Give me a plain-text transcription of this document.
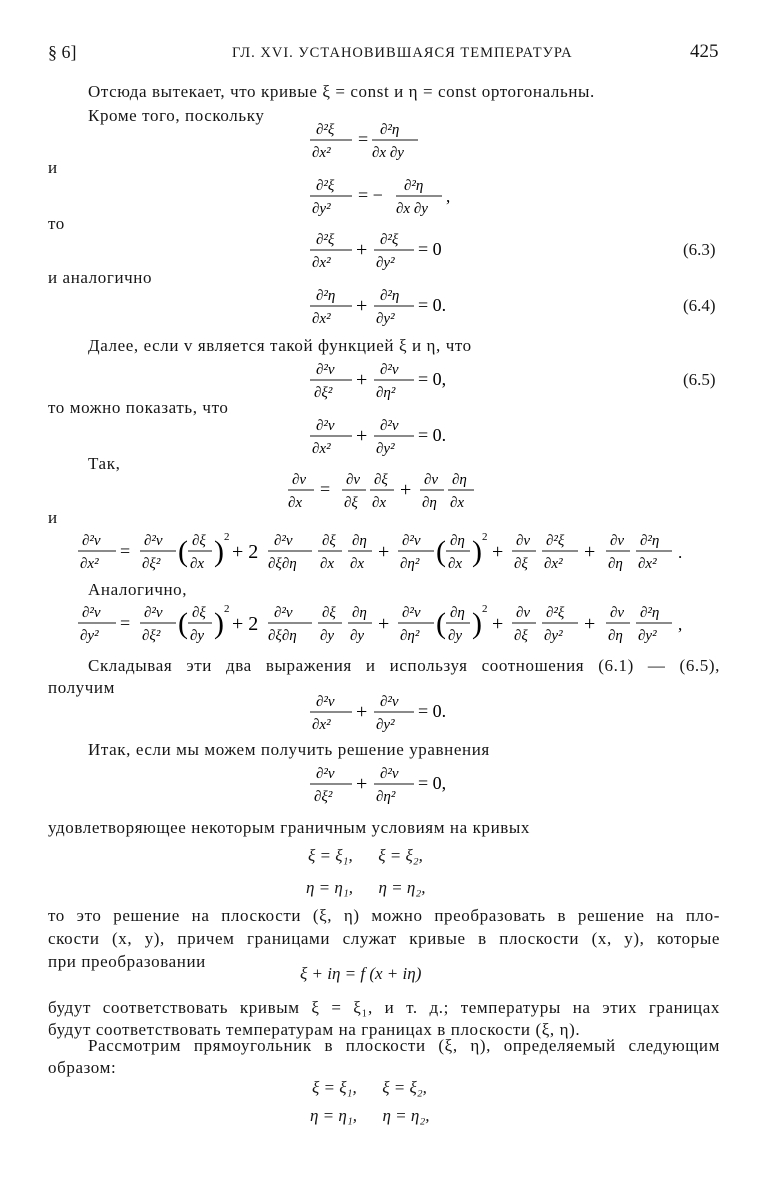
§ 6]	ГЛ. XVI. УСТАНОВИВШАЯСЯ ТЕМПЕРАТУРА	425
Отсюда вытекает, что кривые ξ = const и η = const ортогональны.
Кроме того, поскольку
∂²ξ
∂x²
= ∂²η
∂x ∂y
и
∂²ξ
∂y²
= − ∂²η
∂x ∂y
,
то
∂²ξ
∂x²
+ ∂²ξ
∂y²
= 0	(6.3)
и аналогично
∂²η
∂x²
+ ∂²η
∂y²
= 0.	(6.4)
Далее, если v является такой функцией ξ и η, что
∂²v
∂ξ²
+ ∂²v
∂η²
= 0,	(6.5)
то можно показать, что
∂²v
∂x²
+ ∂²v
∂y²
= 0.
Так,
∂v
∂x
= ∂v
∂ξ
∂ξ
∂x
+ ∂v
∂η
∂η
∂x
и
∂²v
∂x²
= ∂²v
∂ξ² ( ∂ξ
∂x ) 2
+ 2 ∂²v
∂ξ∂η
∂ξ
∂x
∂η
∂x
+ ∂²v
∂η² ( ∂η
∂x ) 2
+ ∂v
∂ξ
∂²ξ
∂x²
+ ∂v
∂η
∂²η
∂x²
.
Аналогично,
∂²v
∂y²
= ∂²v
∂ξ² ( ∂ξ
∂y ) 2
+ 2 ∂²v
∂ξ∂η
∂ξ
∂y
∂η
∂y
+ ∂²v
∂η² ( ∂η
∂y ) 2
+ ∂v
∂ξ
∂²ξ
∂y²
+ ∂v
∂η
∂²η
∂y²
,
Складывая эти два выражения и используя соотношения (6.1) — (6.5),
получим
∂²v
∂x²
+ ∂²v
∂y²
= 0.
Итак, если мы можем получить решение уравнения
∂²v
∂ξ²
+ ∂²v
∂η²
= 0,
удовлетворяющее некоторым граничным условиям на кривых
ξ = ξ₁,      ξ = ξ₂,
η = η₁,      η = η₂,
то это решение на плоскости (ξ, η) можно преобразовать в решение на пло-
скости (x, y), причем границами служат кривые в плоскости (x, y), которые
при преобразовании
ξ + iη = f (x + iη)
будут соответствовать кривым ξ = ξ₁, и т. д.; температуры на этих границах
будут соответствовать температурам на границах в плоскости (ξ, η).
Рассмотрим прямоугольник в плоскости (ξ, η), определяемый следующим
образом:
ξ = ξ₁,      ξ = ξ₂,
η = η₁,      η = η₂,
